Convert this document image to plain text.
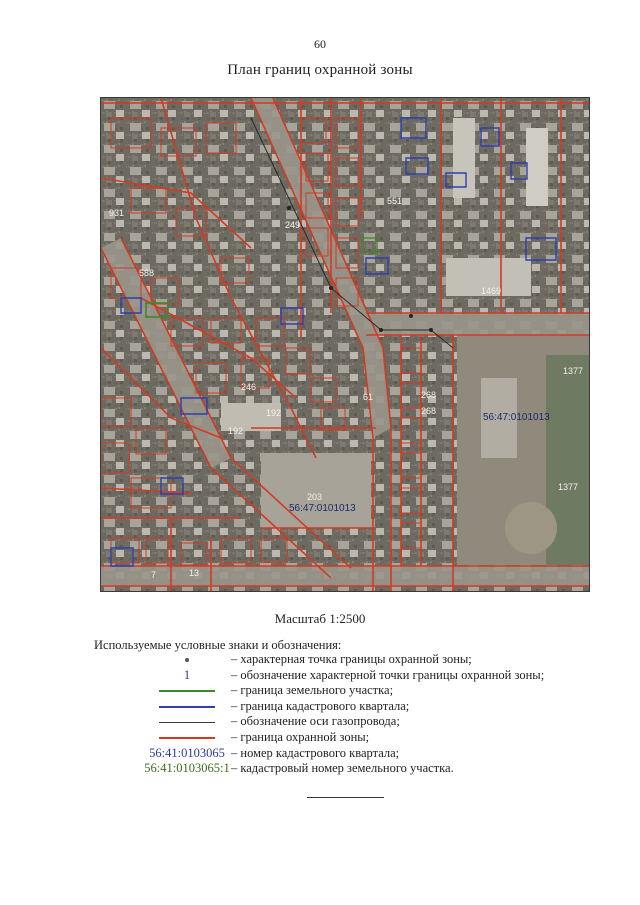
60
План границ охранной зоны
1377
1377
1469
203
192
192
268
268
588
551
931
249
246
61
7	13
56:47:0101013
56:47:0101013
Масштаб 1:2500
Используемые условные знаки и обозначения:
– характерная точка границы охранной зоны;
1	– обозначение характерной точки границы охранной зоны;
– граница земельного участка;
– граница кадастрового квартала;
– обозначение оси газопровода;
– граница охранной зоны;
56:41:0103065 – номер кадастрового квартала;
56:41:0103065:1 – кадастровый номер земельного участка.
